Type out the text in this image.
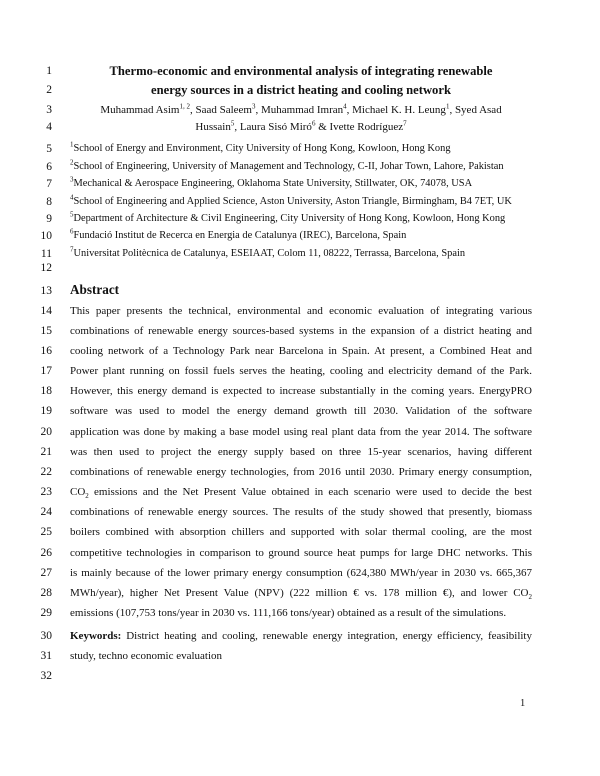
1
2
3
4
5
6
7
8
9
10
11
12
13
14
15
16
17
18
19
20
21
22
23
24
25
26
27
28
29
30
31
32
Thermo-economic and environmental analysis of integrating renewable
energy sources in a district heating and cooling network
Muhammad Asim$^{1, 2}$, Saad Saleem$^3$, Muhammad Imran$^4$, Michael K. H. Leung$^1$, Syed Asad
Hussain$^5$, Laura Sisó Miró$^6$ & Ivette Rodríguez$^7$
$^1$School of Energy and Environment, City University of Hong Kong, Kowloon, Hong Kong
$^2$School of Engineering, University of Management and Technology, C-II, Johar Town, Lahore, Pakistan
$^3$Mechanical & Aerospace Engineering, Oklahoma State University, Stillwater, OK, 74078, USA
$^4$School of Engineering and Applied Science, Aston University, Aston Triangle, Birmingham, B4 7ET, UK
$^5$Department of Architecture & Civil Engineering, City University of Hong Kong, Kowloon, Hong Kong
$^6$Fundació Institut de Recerca en Energia de Catalunya (IREC), Barcelona, Spain
$^7$Universitat Politècnica de Catalunya, ESEIAAT, Colom 11, 08222, Terrassa, Barcelona, Spain
Abstract
This paper presents the technical, environmental and economic evaluation of integrating various
combinations of renewable energy sources-based systems in the expansion of a district heating and
cooling network of a Technology Park near Barcelona in Spain. At present, a Combined Heat and
Power plant running on fossil fuels serves the heating, cooling and electricity demand of the Park.
However, this energy demand is expected to increase substantially in the coming years. EnergyPRO
software was used to model the energy demand growth till 2030. Validation of the software
application was done by making a base model using real plant data from the year 2014. The software
was then used to project the energy supply based on three 15-year scenarios, having different
combinations of renewable energy technologies, from 2016 until 2030. Primary energy consumption,
$CO_2$ emissions and the Net Present Value obtained in each scenario were used to decide the best
combinations of renewable energy sources. The results of the study showed that presently, biomass
boilers combined with absorption chillers and supported with solar thermal cooling, are the most
competitive technologies in comparison to ground source heat pumps for large DHC networks. This
is mainly because of the lower primary energy consumption (624,380 MWh/year in 2030 vs. 665,367
MWh/year), higher Net Present Value (NPV) (222 million € vs. 178 million €), and lower $CO_2$
emissions (107,753 tons/year in 2030 vs. 111,166 tons/year) obtained as a result of the simulations.
Keywords: District heating and cooling, renewable energy integration, energy efficiency, feasibility
study, techno economic evaluation
1
